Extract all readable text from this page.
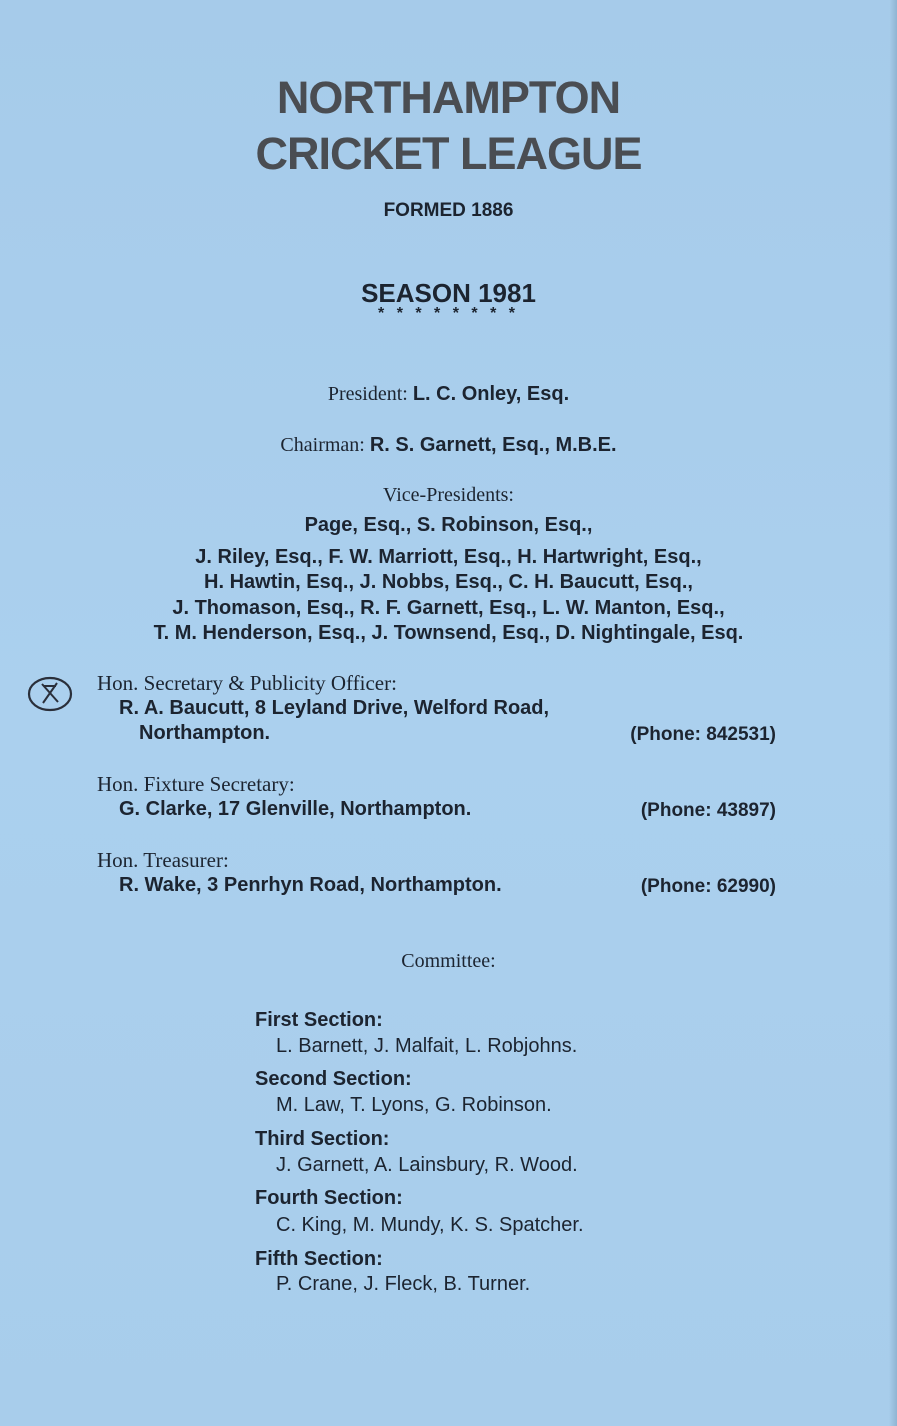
NORTHAMPTON
CRICKET LEAGUE
FORMED 1886
SEASON 1981
* * * * * * * *
President: L. C. Onley, Esq.
Chairman: R. S. Garnett, Esq., M.B.E.
Vice-Presidents:
Page, Esq., S. Robinson, Esq.,
J. Riley, Esq., F. W. Marriott, Esq., H. Hartwright, Esq.,
H. Hawtin, Esq., J. Nobbs, Esq., C. H. Baucutt, Esq.,
J. Thomason, Esq., R. F. Garnett, Esq., L. W. Manton, Esq.,
T. M. Henderson, Esq., J. Townsend, Esq., D. Nightingale, Esq.
Hon. Secretary & Publicity Officer:
R. A. Baucutt, 8 Leyland Drive, Welford Road,
Northampton.	(Phone: 842531)
Hon. Fixture Secretary:
G. Clarke, 17 Glenville, Northampton.	(Phone: 43897)
Hon. Treasurer:
R. Wake, 3 Penrhyn Road, Northampton.	(Phone: 62990)
Committee:
First Section:
L. Barnett, J. Malfait, L. Robjohns.
Second Section:
M. Law, T. Lyons, G. Robinson.
Third Section:
J. Garnett, A. Lainsbury, R. Wood.
Fourth Section:
C. King, M. Mundy, K. S. Spatcher.
Fifth Section:
P. Crane, J. Fleck, B. Turner.
